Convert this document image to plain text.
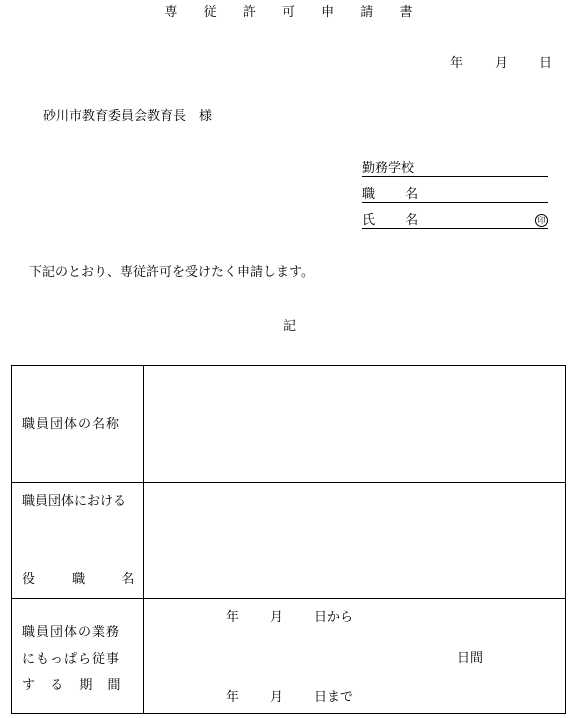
専 従 許 可 申 請 書
年 月 日
砂川市教育委員会教育長　様
勤務学校
職 名
氏 名	印
下記のとおり、専従許可を受けたく申請します。
記
職員団体の名称
職員団体における
役	職	名
職員団体の業務
にもっぱら従事
す る 期 間
年 月 日から
日間
年 月 日まで
